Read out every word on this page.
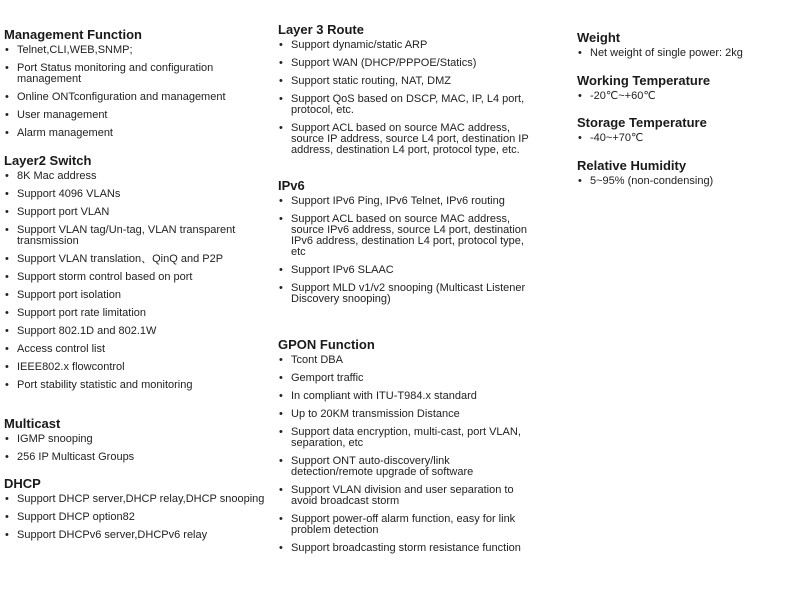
Management Function
• Telnet,CLI,WEB,SNMP;
• Port Status monitoring and configuration management
• Online ONTconfiguration and management
• User management
• Alarm management
Layer2 Switch
• 8K Mac address
• Support 4096 VLANs
• Support port VLAN
• Support VLAN tag/Un-tag, VLAN transparent transmission
• Support VLAN translation、QinQ and P2P
• Support storm control based on port
• Support port isolation
• Support port rate limitation
• Support 802.1D and 802.1W
• Access control list
• IEEE802.x flowcontrol
• Port stability statistic and monitoring
Multicast
• IGMP snooping
• 256 IP Multicast Groups
DHCP
• Support DHCP server,DHCP relay,DHCP snooping
• Support DHCP option82
• Support DHCPv6 server,DHCPv6 relay
Layer 3 Route
• Support dynamic/static ARP
• Support WAN (DHCP/PPPOE/Statics)
• Support static routing, NAT, DMZ
• Support QoS based on DSCP, MAC, IP, L4 port, protocol, etc.
• Support ACL based on source MAC address, source IP address, source L4 port, destination IP address, destination L4 port, protocol type, etc.
IPv6
• Support IPv6 Ping, IPv6 Telnet, IPv6 routing
• Support ACL based on source MAC address, source IPv6 address, source L4 port, destination IPv6 address, destination L4 port, protocol type, etc
• Support IPv6 SLAAC
• Support MLD v1/v2 snooping (Multicast Listener Discovery snooping)
GPON Function
• Tcont DBA
• Gemport traffic
• In compliant with ITU-T984.x standard
• Up to 20KM transmission Distance
• Support data encryption, multi-cast, port VLAN, separation, etc
• Support ONT auto-discovery/link detection/remote upgrade of software
• Support VLAN division and user separation to avoid broadcast storm
• Support power-off alarm function, easy for link problem detection
• Support broadcasting storm resistance function
Weight
• Net weight of single power: 2kg
Working Temperature
• -20℃~+60℃
Storage Temperature
• -40~+70℃
Relative Humidity
• 5~95% (non-condensing)
